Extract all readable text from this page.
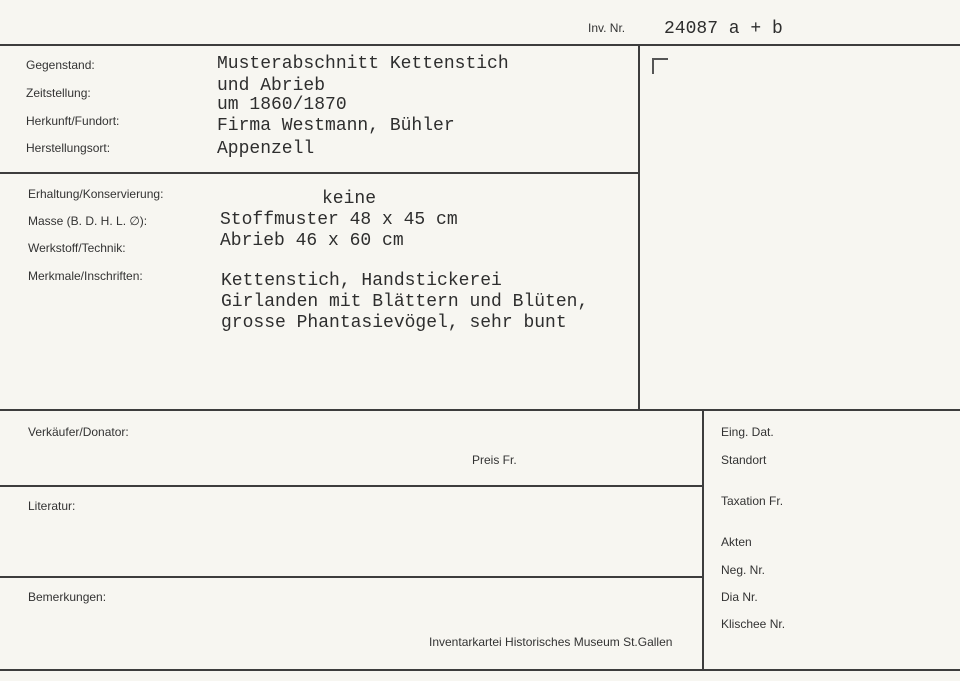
Inv. Nr. 24087 a + b
Gegenstand:
Zeitstellung:
Herkunft/Fundort:
Herstellungsort:
Musterabschnitt Kettenstich
und Abrieb
um 1860/1870
Firma Westmann, Bühler
Appenzell
Erhaltung/Konservierung:
Masse (B. D. H. L. ∅):
Werkstoff/Technik:
Merkmale/Inschriften:
keine
Stoffmuster 48 x 45 cm
Abrieb 46 x 60 cm
Kettenstich, Handstickerei
Girlanden mit Blättern und Blüten,
grosse Phantasievögel, sehr bunt
Verkäufer/Donator:
Preis Fr.
Literatur:
Bemerkungen:
Inventarkartei Historisches Museum St.Gallen
Eing. Dat.
Standort
Taxation Fr.
Akten
Neg. Nr.
Dia Nr.
Klischee Nr.
